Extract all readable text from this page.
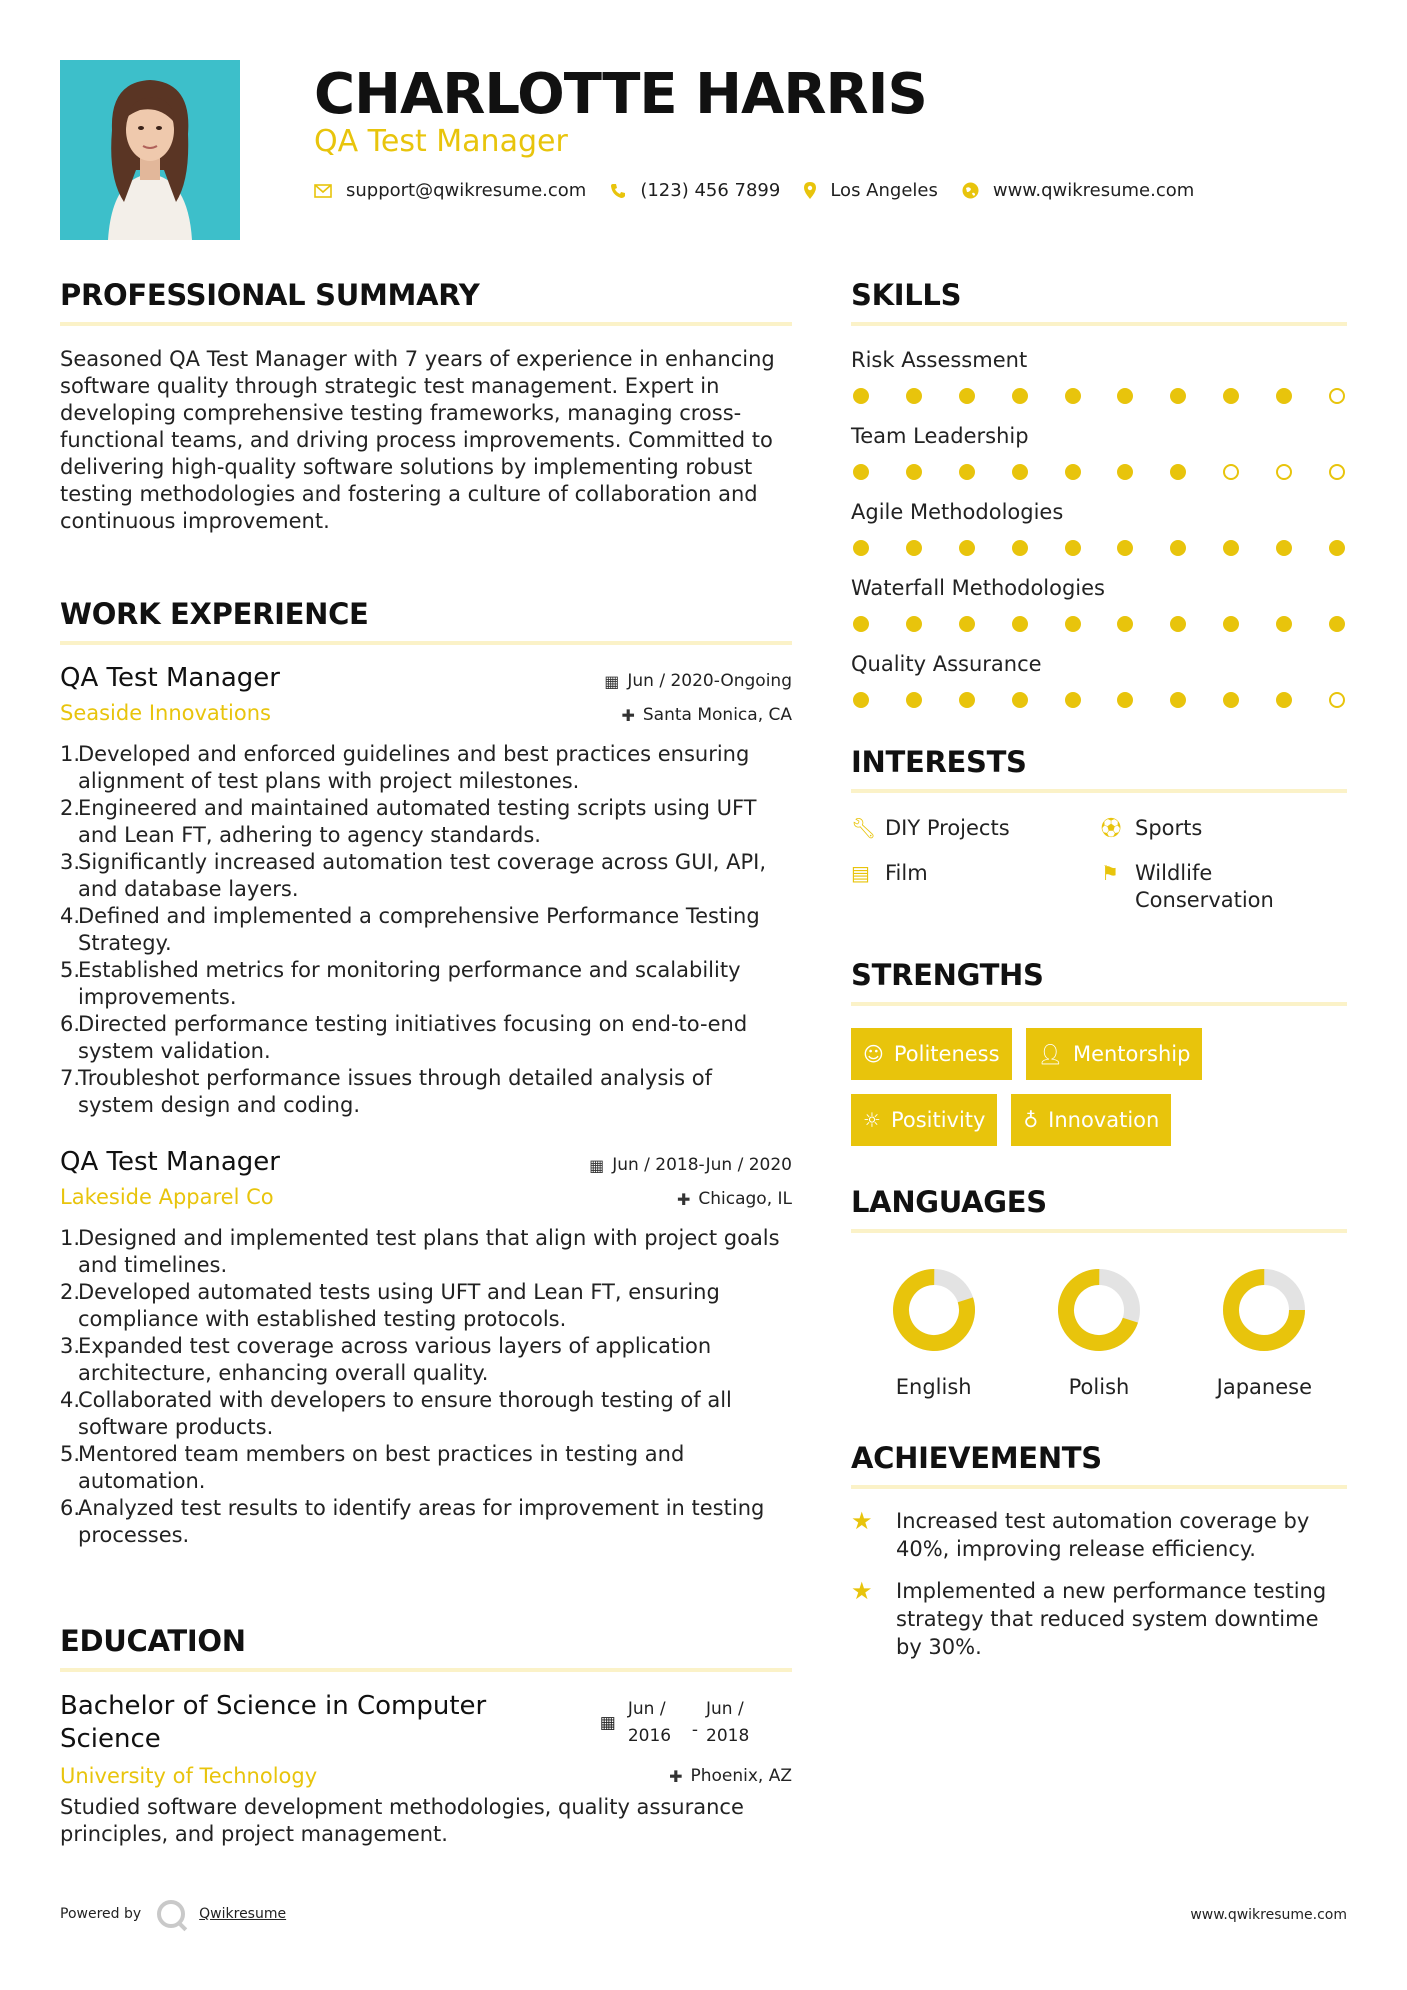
CHARLOTTE HARRIS
QA Test Manager
support@qwikresume.com	(123) 456 7899	Los Angeles	www.qwikresume.com
PROFESSIONAL SUMMARY
Seasoned QA Test Manager with 7 years of experience in enhancing software quality through strategic test management. Expert in developing comprehensive testing frameworks, managing cross-functional teams, and driving process improvements. Committed to delivering high-quality software solutions by implementing robust testing methodologies and fostering a culture of collaboration and continuous improvement.
WORK EXPERIENCE
QA Test Manager
Seaside Innovations
▦ Jun / 2020-Ongoing
✚ Santa Monica, CA
1.
Developed and enforced guidelines and best practices ensuring alignment of test plans with project milestones.
2.
Engineered and maintained automated testing scripts using UFT and Lean FT, adhering to agency standards.
3.
Significantly increased automation test coverage across GUI, API, and database layers.
4.
Defined and implemented a comprehensive Performance Testing Strategy.
5.
Established metrics for monitoring performance and scalability improvements.
6.
Directed performance testing initiatives focusing on end-to-end system validation.
7.
Troubleshot performance issues through detailed analysis of system design and coding.
QA Test Manager
Lakeside Apparel Co
▦ Jun / 2018-Jun / 2020
✚ Chicago, IL
1.
Designed and implemented test plans that align with project goals and timelines.
2.
Developed automated tests using UFT and Lean FT, ensuring compliance with established testing protocols.
3.
Expanded test coverage across various layers of application architecture, enhancing overall quality.
4.
Collaborated with developers to ensure thorough testing of all software products.
5.
Mentored team members on best practices in testing and automation.
6.
Analyzed test results to identify areas for improvement in testing processes.
EDUCATION
Bachelor of Science in Computer Science
▦
Jun / 2016	-
Jun / 2018
University of Technology	✚ Phoenix, AZ
Studied software development methodologies, quality assurance principles, and project management.
SKILLS
Risk Assessment
Team Leadership
Agile Methodologies
Waterfall Methodologies
Quality Assurance
INTERESTS
🔧︎ DIY Projects	⚽︎ Sports
▤ Film	⚑ Wildlife Conservation
STRENGTHS
☺ Politeness 👤︎ Mentorship
☼ Positivity ♁ Innovation
LANGUAGES
English	Polish	Japanese
ACHIEVEMENTS
★	Increased test automation coverage by 40%, improving release efficiency.
★	Implemented a new performance testing strategy that reduced system downtime by 30%.
Powered by	Qwikresume	www.qwikresume.com
